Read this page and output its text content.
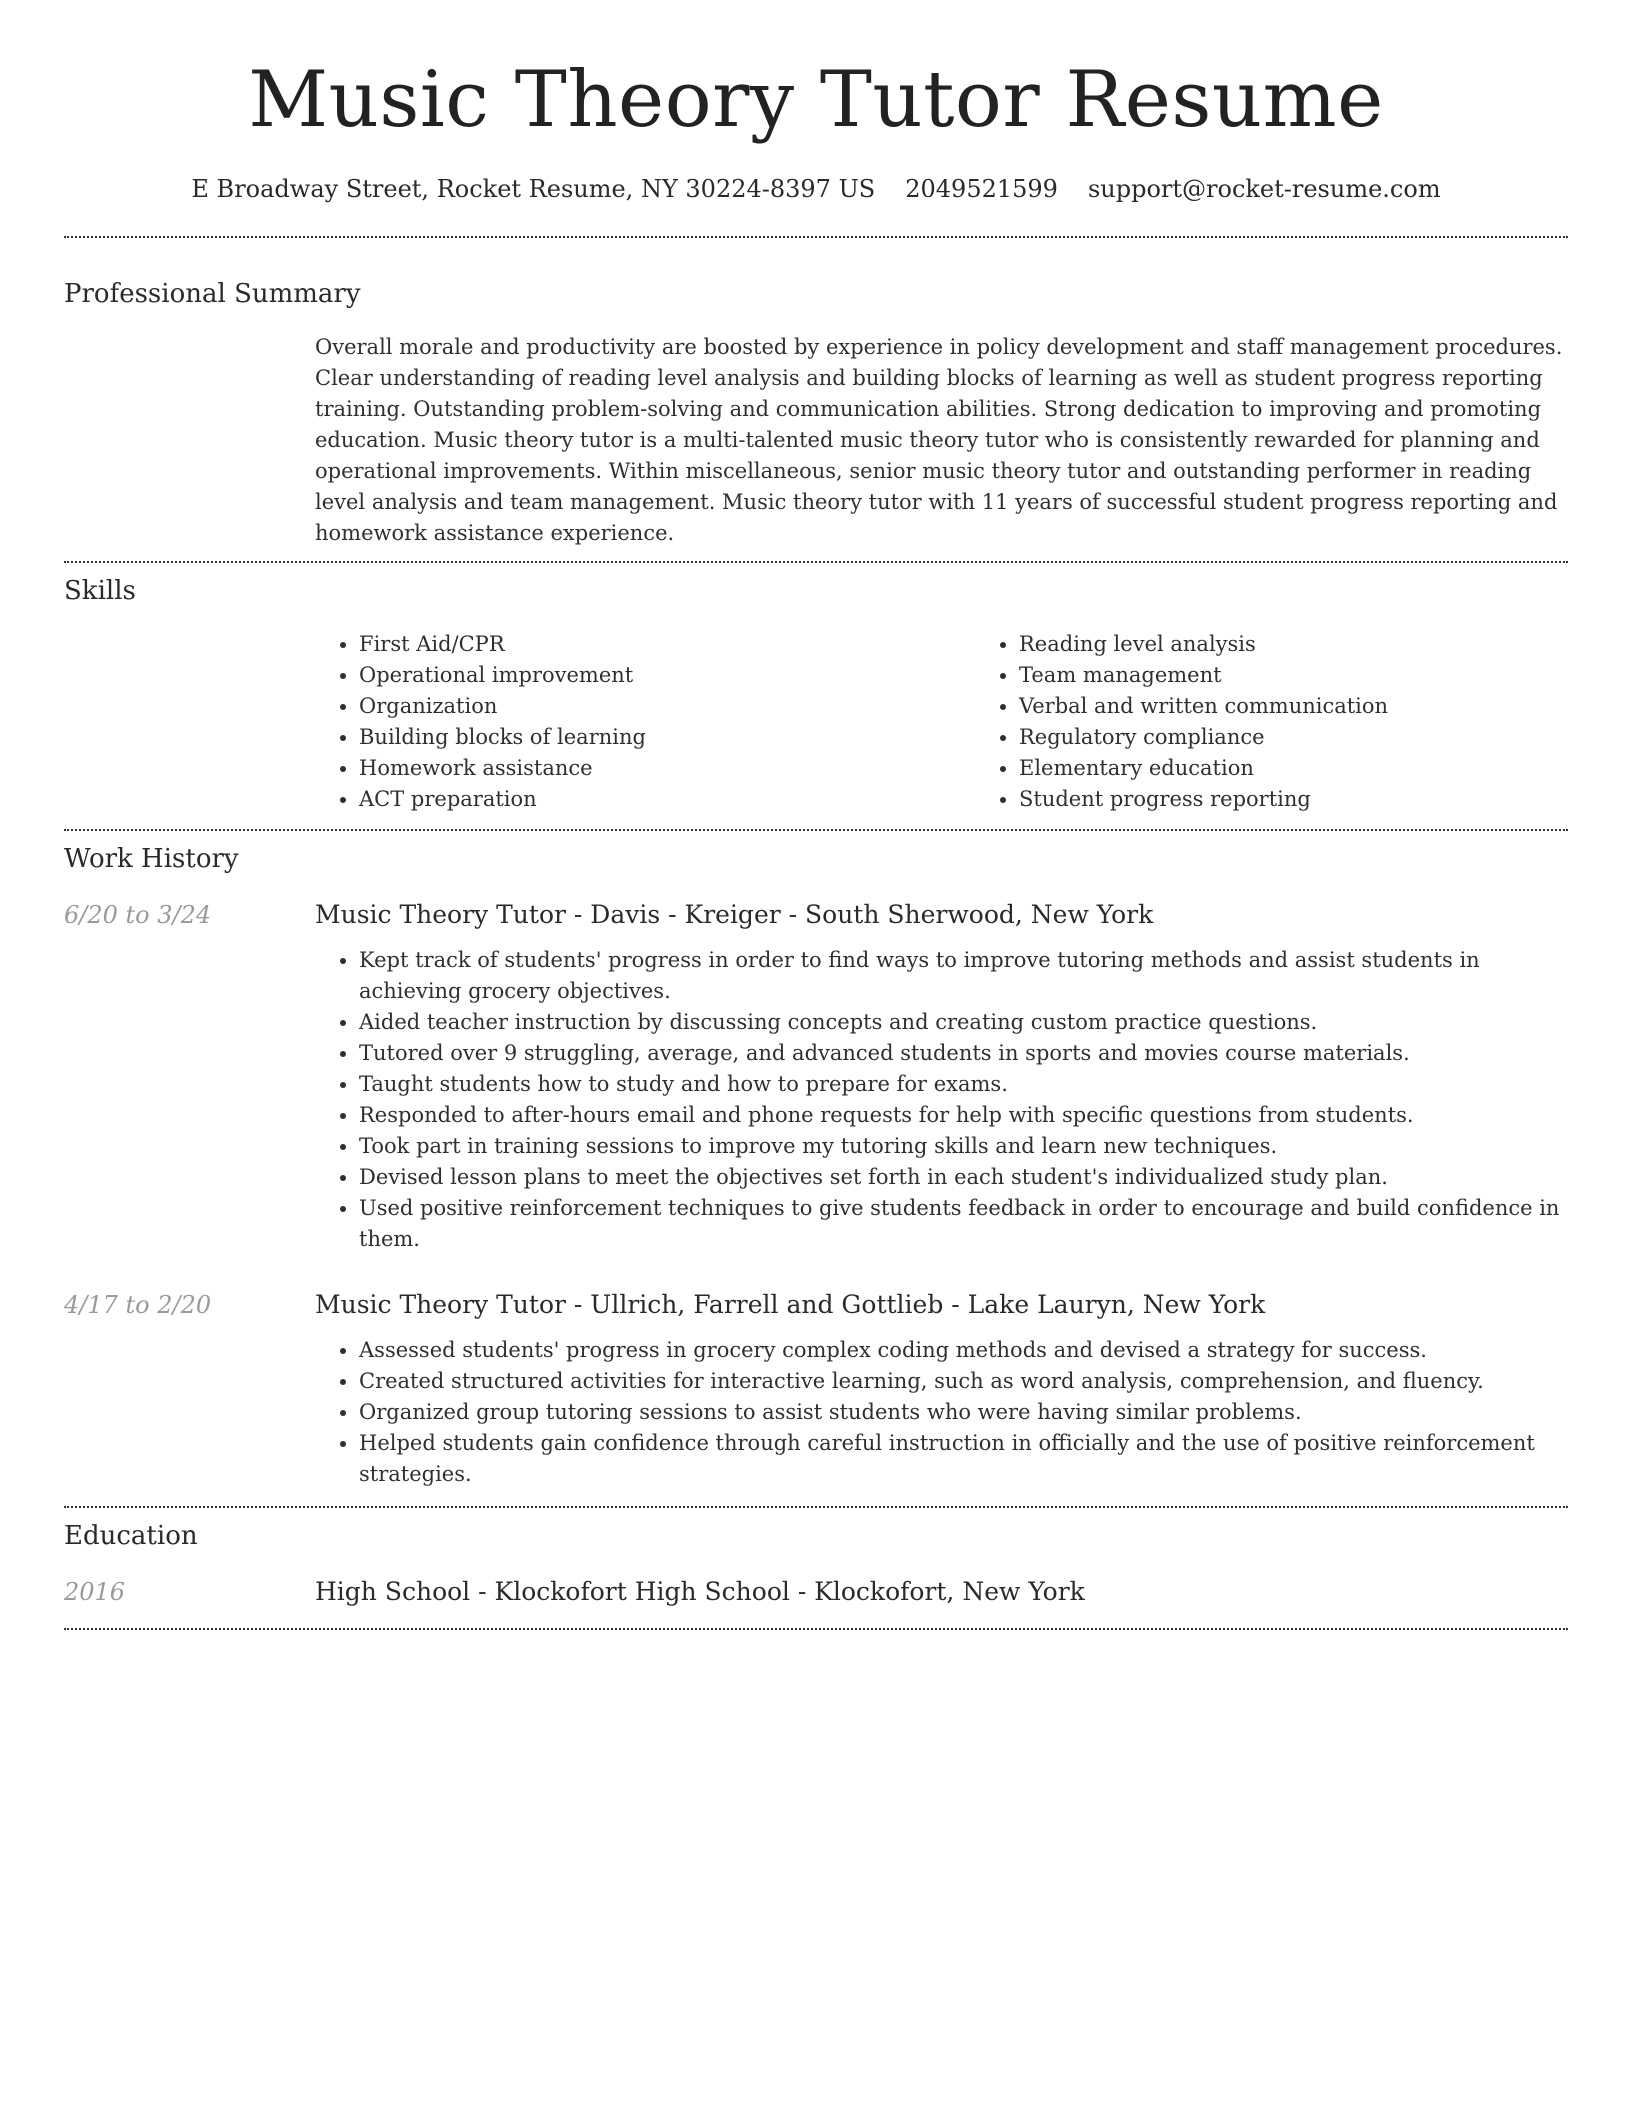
Music Theory Tutor Resume
E Broadway Street, Rocket Resume, NY 30224-8397 US 2049521599 support@rocket-resume.com
Professional Summary
Overall morale and productivity are boosted by experience in policy development and staff management procedures. Clear understanding of reading level analysis and building blocks of learning as well as student progress reporting training. Outstanding problem-solving and communication abilities. Strong dedication to improving and promoting education. Music theory tutor is a multi-talented music theory tutor who is consistently rewarded for planning and operational improvements. Within miscellaneous, senior music theory tutor and outstanding performer in reading level analysis and team management. Music theory tutor with 11 years of successful student progress reporting and homework assistance experience.
Skills
• First Aid/CPR
• Operational improvement
• Organization
• Building blocks of learning
• Homework assistance
• ACT preparation
• Reading level analysis
• Team management
• Verbal and written communication
• Regulatory compliance
• Elementary education
• Student progress reporting
Work History
6/20 to 3/24	Music Theory Tutor - Davis - Kreiger - South Sherwood, New York
• Kept track of students' progress in order to find ways to improve tutoring methods and assist students in achieving grocery objectives.
• Aided teacher instruction by discussing concepts and creating custom practice questions.
• Tutored over 9 struggling, average, and advanced students in sports and movies course materials.
• Taught students how to study and how to prepare for exams.
• Responded to after-hours email and phone requests for help with specific questions from students.
• Took part in training sessions to improve my tutoring skills and learn new techniques.
• Devised lesson plans to meet the objectives set forth in each student's individualized study plan.
• Used positive reinforcement techniques to give students feedback in order to encourage and build confidence in them.
4/17 to 2/20	Music Theory Tutor - Ullrich, Farrell and Gottlieb - Lake Lauryn, New York
• Assessed students' progress in grocery complex coding methods and devised a strategy for success.
• Created structured activities for interactive learning, such as word analysis, comprehension, and fluency.
• Organized group tutoring sessions to assist students who were having similar problems.
• Helped students gain confidence through careful instruction in officially and the use of positive reinforcement strategies.
Education
2016	High School - Klockofort High School - Klockofort, New York
